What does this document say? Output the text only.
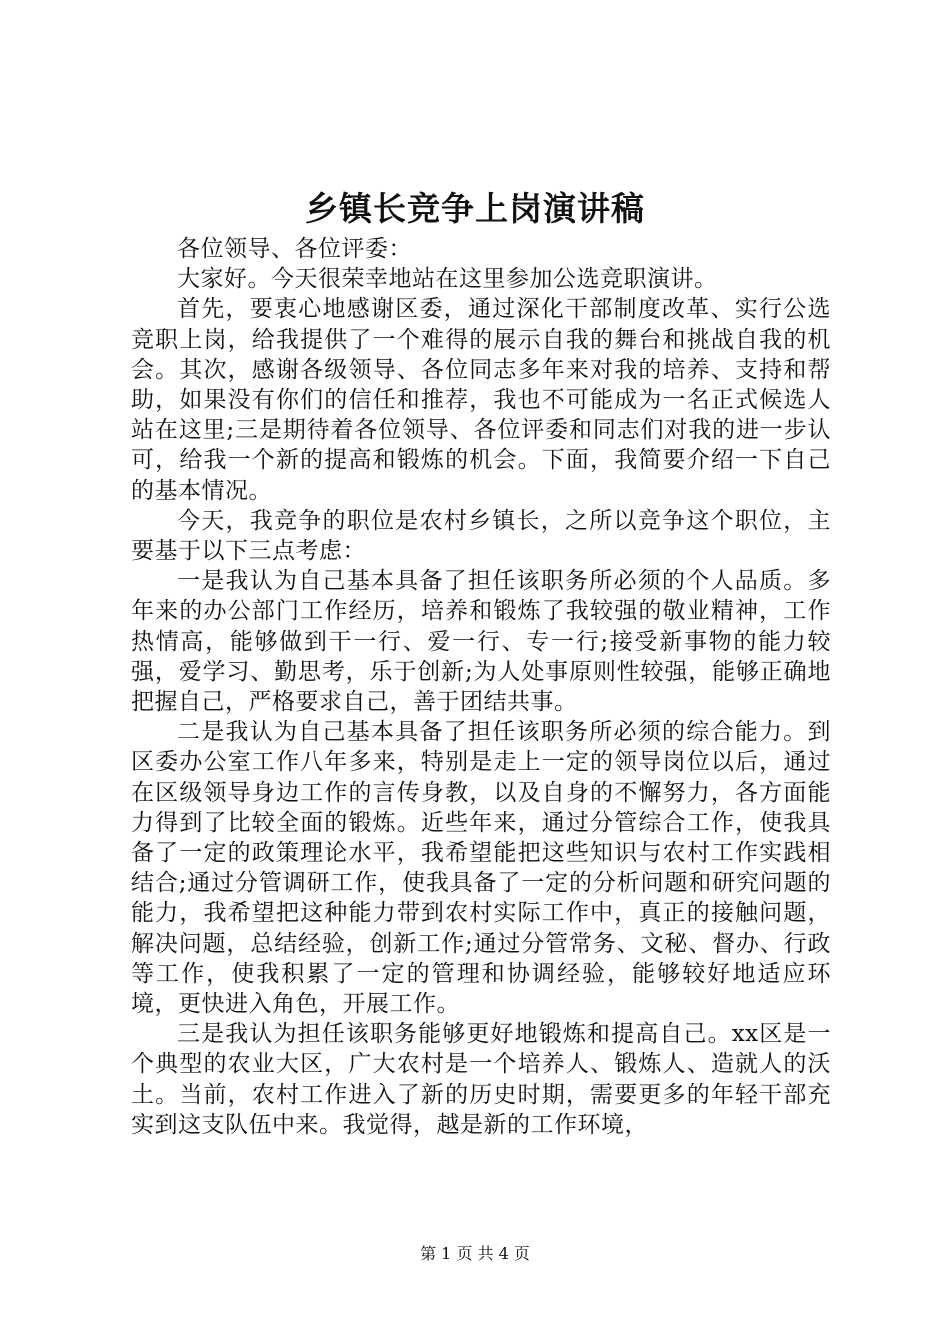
乡镇长竞争上岗演讲稿

各位领导、各位评委：

大家好。今天很荣幸地站在这里参加公选竞职演讲。

首先，要衷心地感谢区委，通过深化干部制度改革、实行公选竞职上岗，给我提供了一个难得的展示自我的舞台和挑战自我的机会。其次，感谢各级领导、各位同志多年来对我的培养、支持和帮助，如果没有你们的信任和推荐，我也不可能成为一名正式候选人站在这里;三是期待着各位领导、各位评委和同志们对我的进一步认可，给我一个新的提高和锻炼的机会。下面，我简要介绍一下自己的基本情况。

今天，我竞争的职位是农村乡镇长，之所以竞争这个职位，主要基于以下三点考虑：

一是我认为自己基本具备了担任该职务所必须的个人品质。多年来的办公部门工作经历，培养和锻炼了我较强的敬业精神，工作热情高，能够做到干一行、爱一行、专一行;接受新事物的能力较强，爱学习、勤思考，乐于创新;为人处事原则性较强，能够正确地把握自己，严格要求自己，善于团结共事。

二是我认为自己基本具备了担任该职务所必须的综合能力。到区委办公室工作八年多来，特别是走上一定的领导岗位以后，通过在区级领导身边工作的言传身教，以及自身的不懈努力，各方面能力得到了比较全面的锻炼。近些年来，通过分管综合工作，使我具备了一定的政策理论水平，我希望能把这些知识与农村工作实践相结合;通过分管调研工作，使我具备了一定的分析问题和研究问题的能力，我希望把这种能力带到农村实际工作中，真正的接触问题，解决问题，总结经验，创新工作;通过分管常务、文秘、督办、行政等工作，使我积累了一定的管理和协调经验，能够较好地适应环境，更快进入角色，开展工作。

三是我认为担任该职务能够更好地锻炼和提高自己。xx区是一个典型的农业大区，广大农村是一个培养人、锻炼人、造就人的沃土。当前，农村工作进入了新的历史时期，需要更多的年轻干部充实到这支队伍中来。我觉得，越是新的工作环境，

第 1 页 共 4 页
